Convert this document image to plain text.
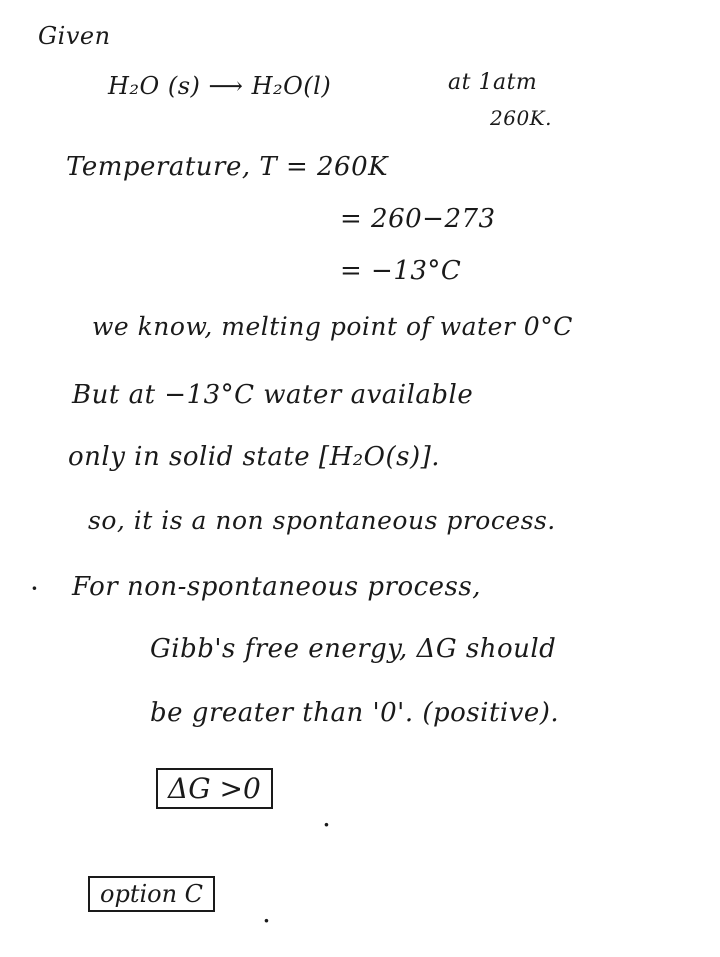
Given
H₂O (s) ⟶ H₂O(l)	at 1atm
260K.
Temperature, T = 260K
= 260−273
= −13°C
we know, melting point of water 0°C
But at −13°C water available
only in solid state [H₂O(s)].
so, it is a non spontaneous process.
· For non-spontaneous process,
Gibb's free energy, ΔG should
be greater than '0'. (positive).
ΔG >0
.
option C
.
